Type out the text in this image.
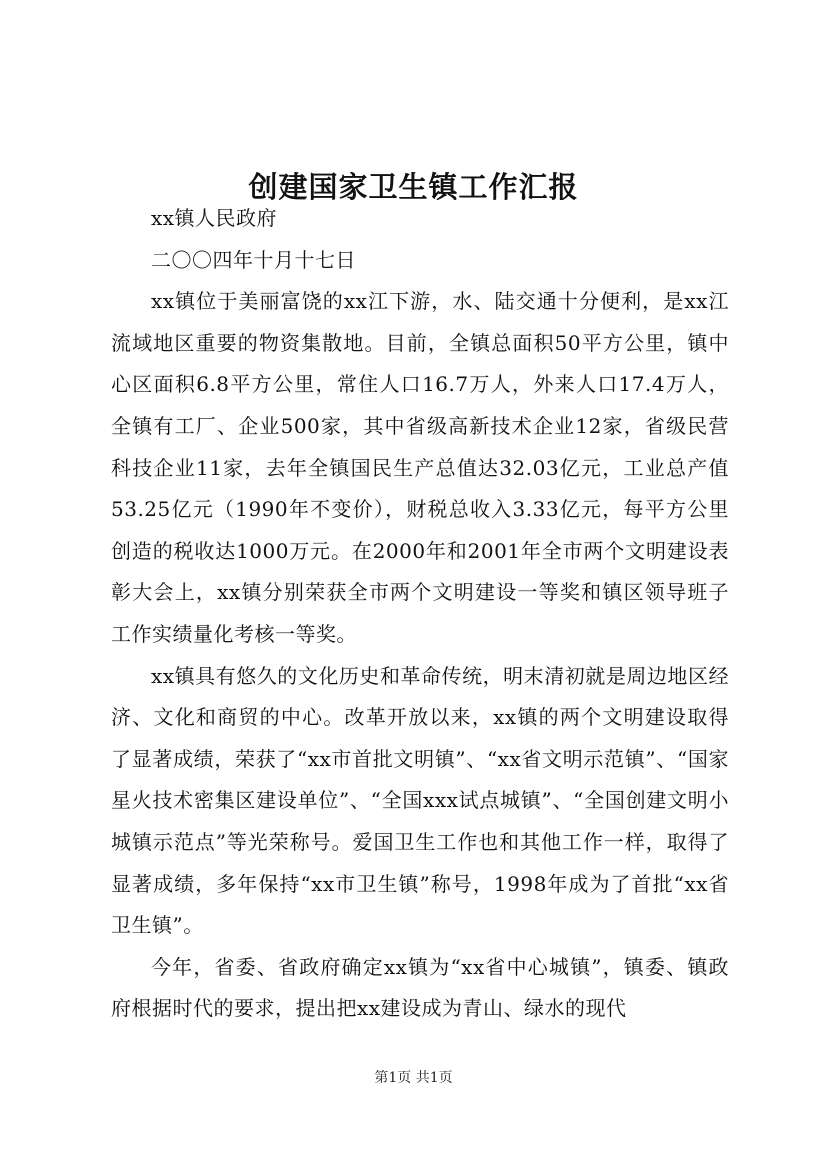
创建国家卫生镇工作汇报

xx镇人民政府

二〇〇四年十月十七日

xx镇位于美丽富饶的xx江下游，水、陆交通十分便利，是xx江流域地区重要的物资集散地。目前，全镇总面积50平方公里，镇中心区面积6.8平方公里，常住人口16.7万人，外来人口17.4万人，全镇有工厂、企业500家，其中省级高新技术企业12家，省级民营科技企业11家，去年全镇国民生产总值达32.03亿元，工业总产值53.25亿元（1990年不变价），财税总收入3.33亿元，每平方公里创造的税收达1000万元。在2000年和2001年全市两个文明建设表彰大会上，xx镇分别荣获全市两个文明建设一等奖和镇区领导班子工作实绩量化考核一等奖。

xx镇具有悠久的文化历史和革命传统，明末清初就是周边地区经济、文化和商贸的中心。改革开放以来，xx镇的两个文明建设取得了显著成绩，荣获了“xx市首批文明镇”、“xx省文明示范镇”、“国家星火技术密集区建设单位”、“全国xxx试点城镇”、“全国创建文明小城镇示范点”等光荣称号。爱国卫生工作也和其他工作一样，取得了显著成绩，多年保持“xx市卫生镇”称号，1998年成为了首批“xx省卫生镇”。

今年，省委、省政府确定xx镇为“xx省中心城镇”，镇委、镇政府根据时代的要求，提出把xx建设成为青山、绿水的现代

第1页 共1页
